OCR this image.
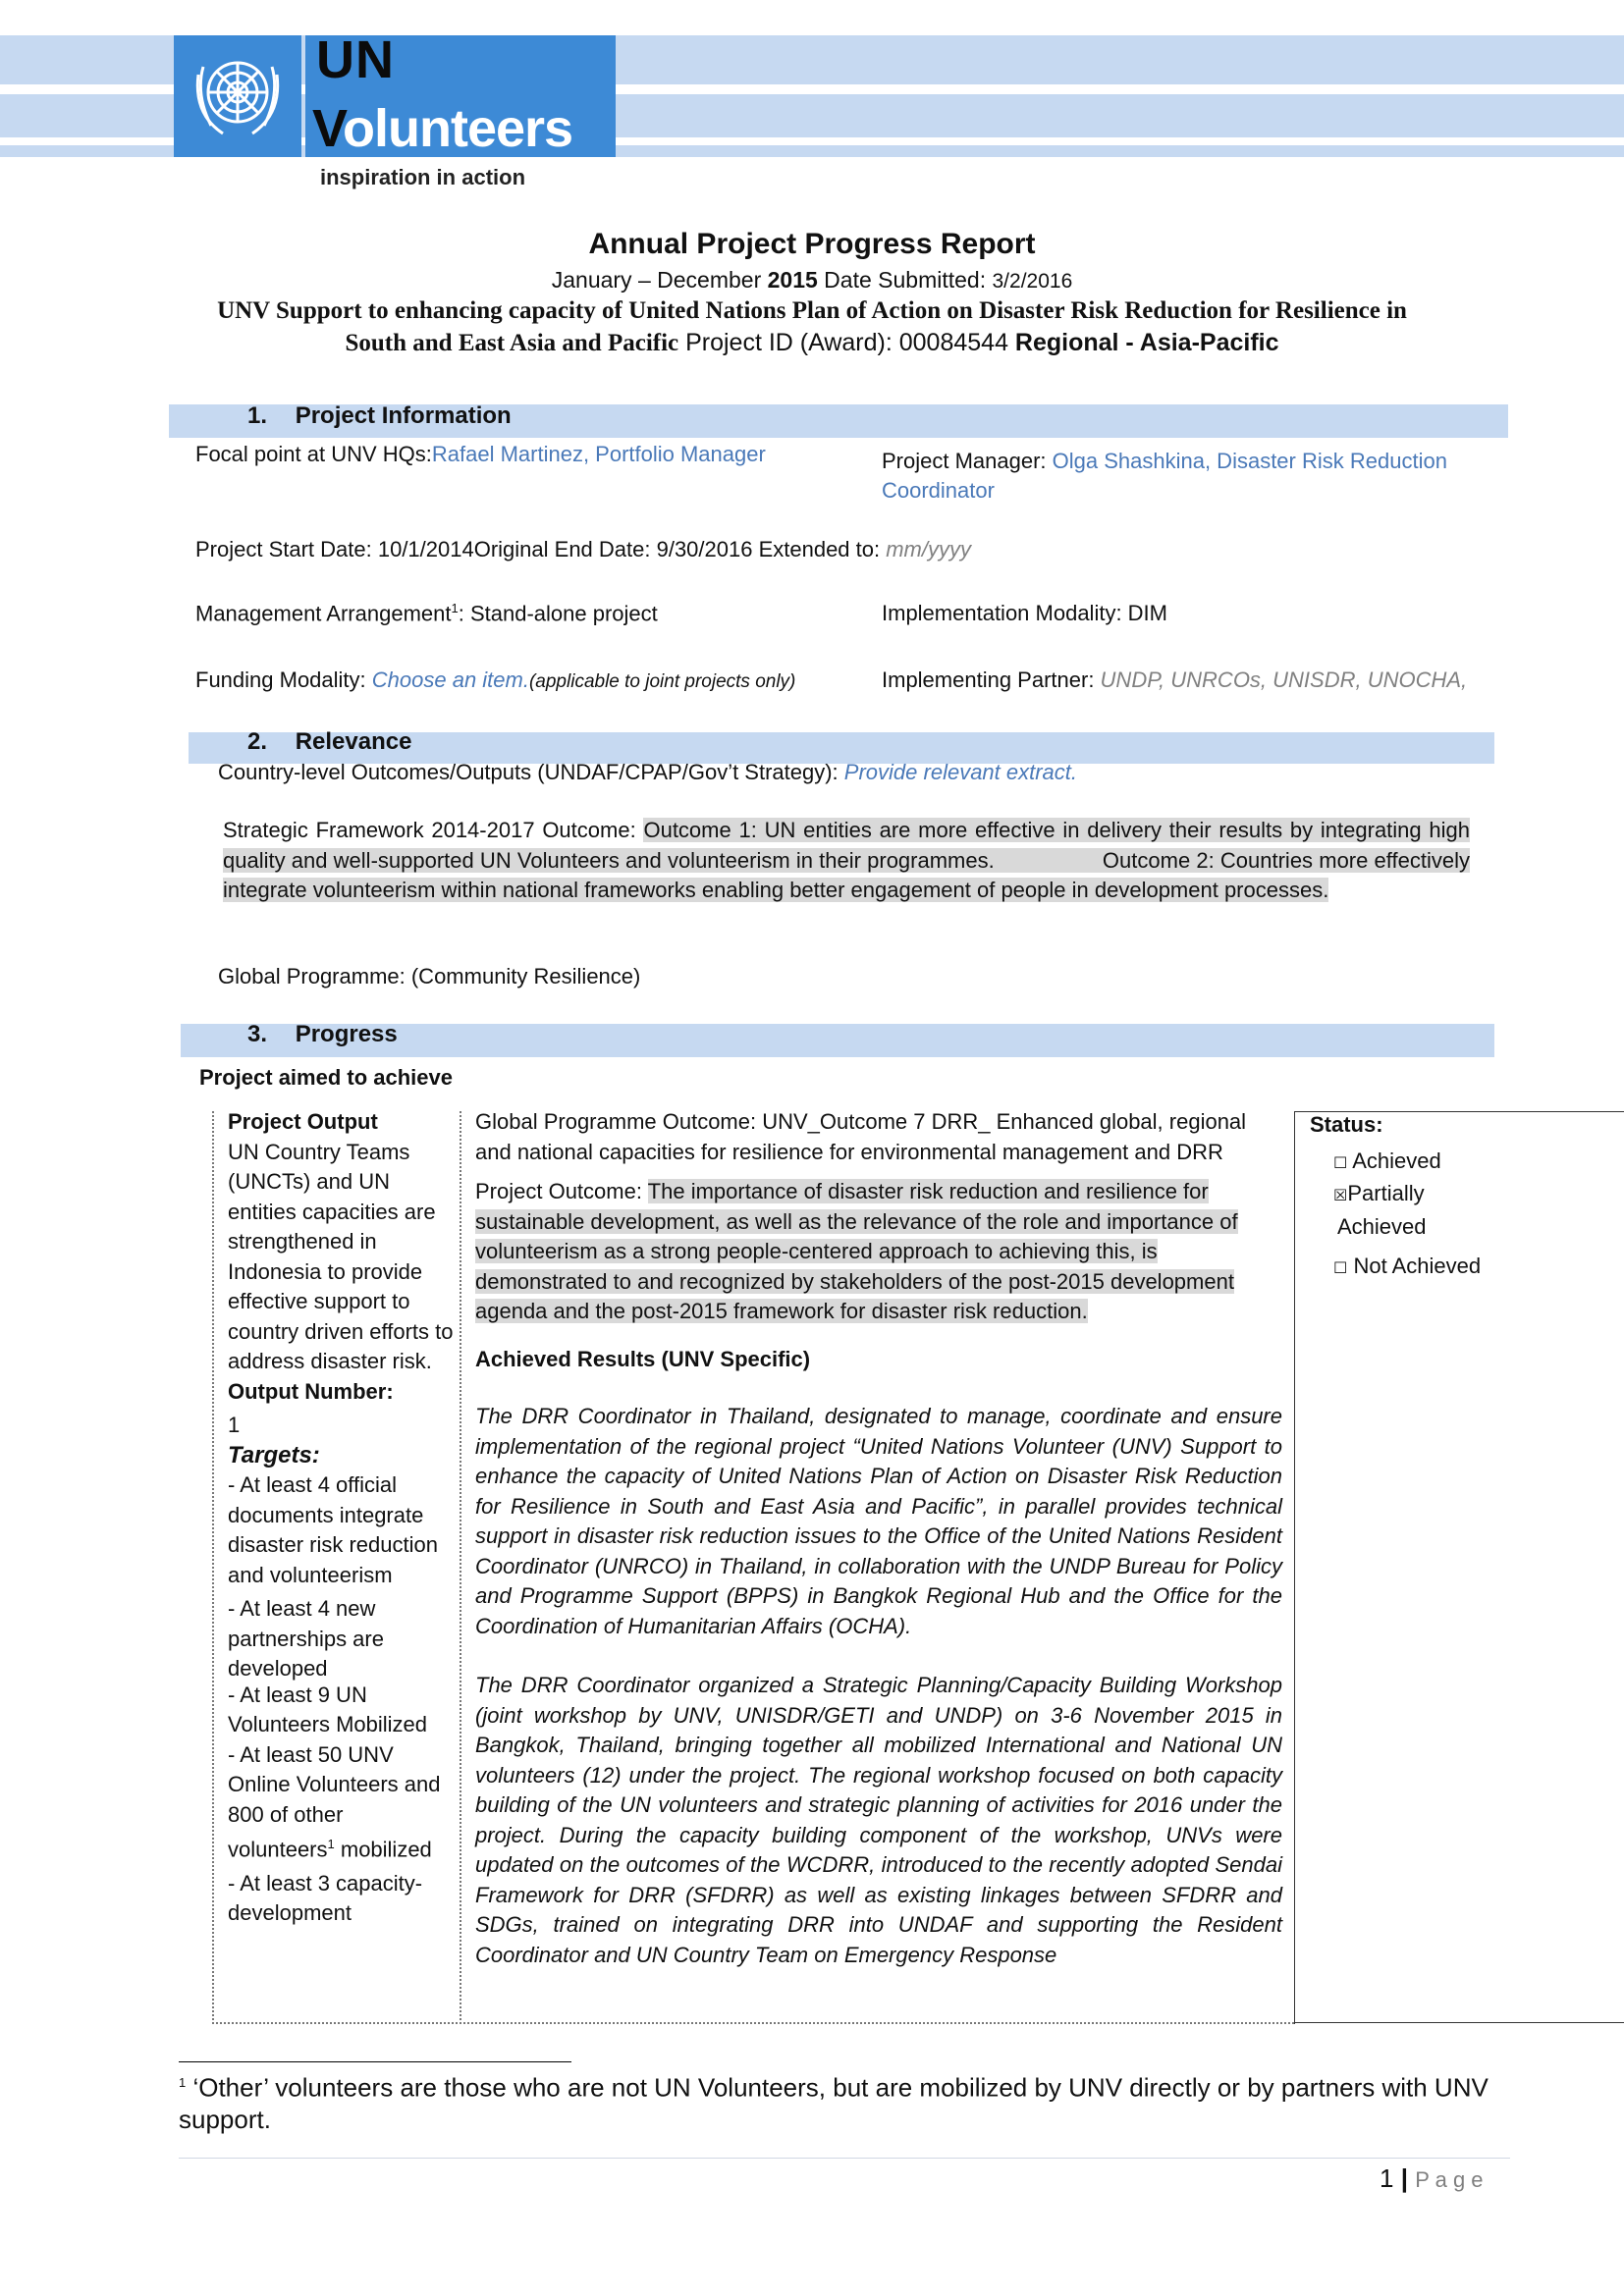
UN
Volunteers
inspiration in action
Annual Project Progress Report
January – December 2015 Date Submitted: 3/2/2016
UNV Support to enhancing capacity of United Nations Plan of Action on Disaster Risk Reduction for Resilience in
South and East Asia and Pacific Project ID (Award): 00084544 Regional - Asia-Pacific
1. Project Information
Focal point at UNV HQs:Rafael Martinez, Portfolio Manager	Project Manager: Olga Shashkina, Disaster Risk Reduction
Coordinator
Project Start Date: 10/1/2014Original End Date: 9/30/2016 Extended to: mm/yyyy
Management Arrangement$^1$: Stand-alone project	Implementation Modality: DIM
Funding Modality: Choose an item.(applicable to joint projects only)	Implementing Partner: UNDP, UNRCOs, UNISDR, UNOCHA,
2. Relevance
Country-level Outcomes/Outputs (UNDAF/CPAP/Gov’t Strategy): Provide relevant extract.
Strategic Framework 2014-2017 Outcome: Outcome 1: UN entities are more effective in delivery their results by integrating high quality and well-supported UN Volunteers and volunteerism in their programmes.	Outcome 2: Countries more effectively integrate volunteerism within national frameworks enabling better engagement of people in development processes.
Global Programme: (Community Resilience)
3. Progress
Project aimed to achieve
Project Output
UN Country Teams (UNCTs) and UN entities capacities are strengthened in Indonesia to provide effective support to country driven efforts to address disaster risk.
Output Number:
1
Targets:
- At least 4 official documents integrate disaster risk reduction and volunteerism
- At least 4 new partnerships are developed
- At least 9 UN Volunteers Mobilized
- At least 50 UNV Online Volunteers and 800 of other volunteers$^1$ mobilized
- At least 3 capacity-development
Global Programme Outcome: UNV_Outcome 7 DRR_ Enhanced global, regional and national capacities for resilience for environmental management and DRR
Project Outcome: The importance of disaster risk reduction and resilience for sustainable development, as well as the relevance of the role and importance of volunteerism as a strong people-centered approach to achieving this, is demonstrated to and recognized by stakeholders of the post-2015 development agenda and the post-2015 framework for disaster risk reduction.
Achieved Results (UNV Specific)
The DRR Coordinator in Thailand, designated to manage, coordinate and ensure implementation of the regional project “United Nations Volunteer (UNV) Support to enhance the capacity of United Nations Plan of Action on Disaster Risk Reduction for Resilience in South and East Asia and Pacific”, in parallel provides technical support in disaster risk reduction issues to the Office of the United Nations Resident Coordinator (UNRCO) in Thailand, in collaboration with the UNDP Bureau for Policy and Programme Support (BPPS) in Bangkok Regional Hub and the Office for the Coordination of Humanitarian Affairs (OCHA).
The DRR Coordinator organized a Strategic Planning/Capacity Building Workshop (joint workshop by UNV, UNISDR/GETI and UNDP) on 3-6 November 2015 in Bangkok, Thailand, bringing together all mobilized International and National UN volunteers (12) under the project. The regional workshop focused on both capacity building of the UN volunteers and strategic planning of activities for 2016 under the project. During the capacity building component of the workshop, UNVs were updated on the outcomes of the WCDRR, introduced to the recently adopted Sendai Framework for DRR (SFDRR) as well as existing linkages between SFDRR and SDGs, trained on integrating DRR into UNDAF and supporting the Resident Coordinator and UN Country Team on Emergency Response
Status:
☐ Achieved
☒Partially
Achieved
☐ Not Achieved
$^1$ ‘Other’ volunteers are those who are not UN Volunteers, but are mobilized by UNV directly or by partners with UNV support.
1 | P a g e
